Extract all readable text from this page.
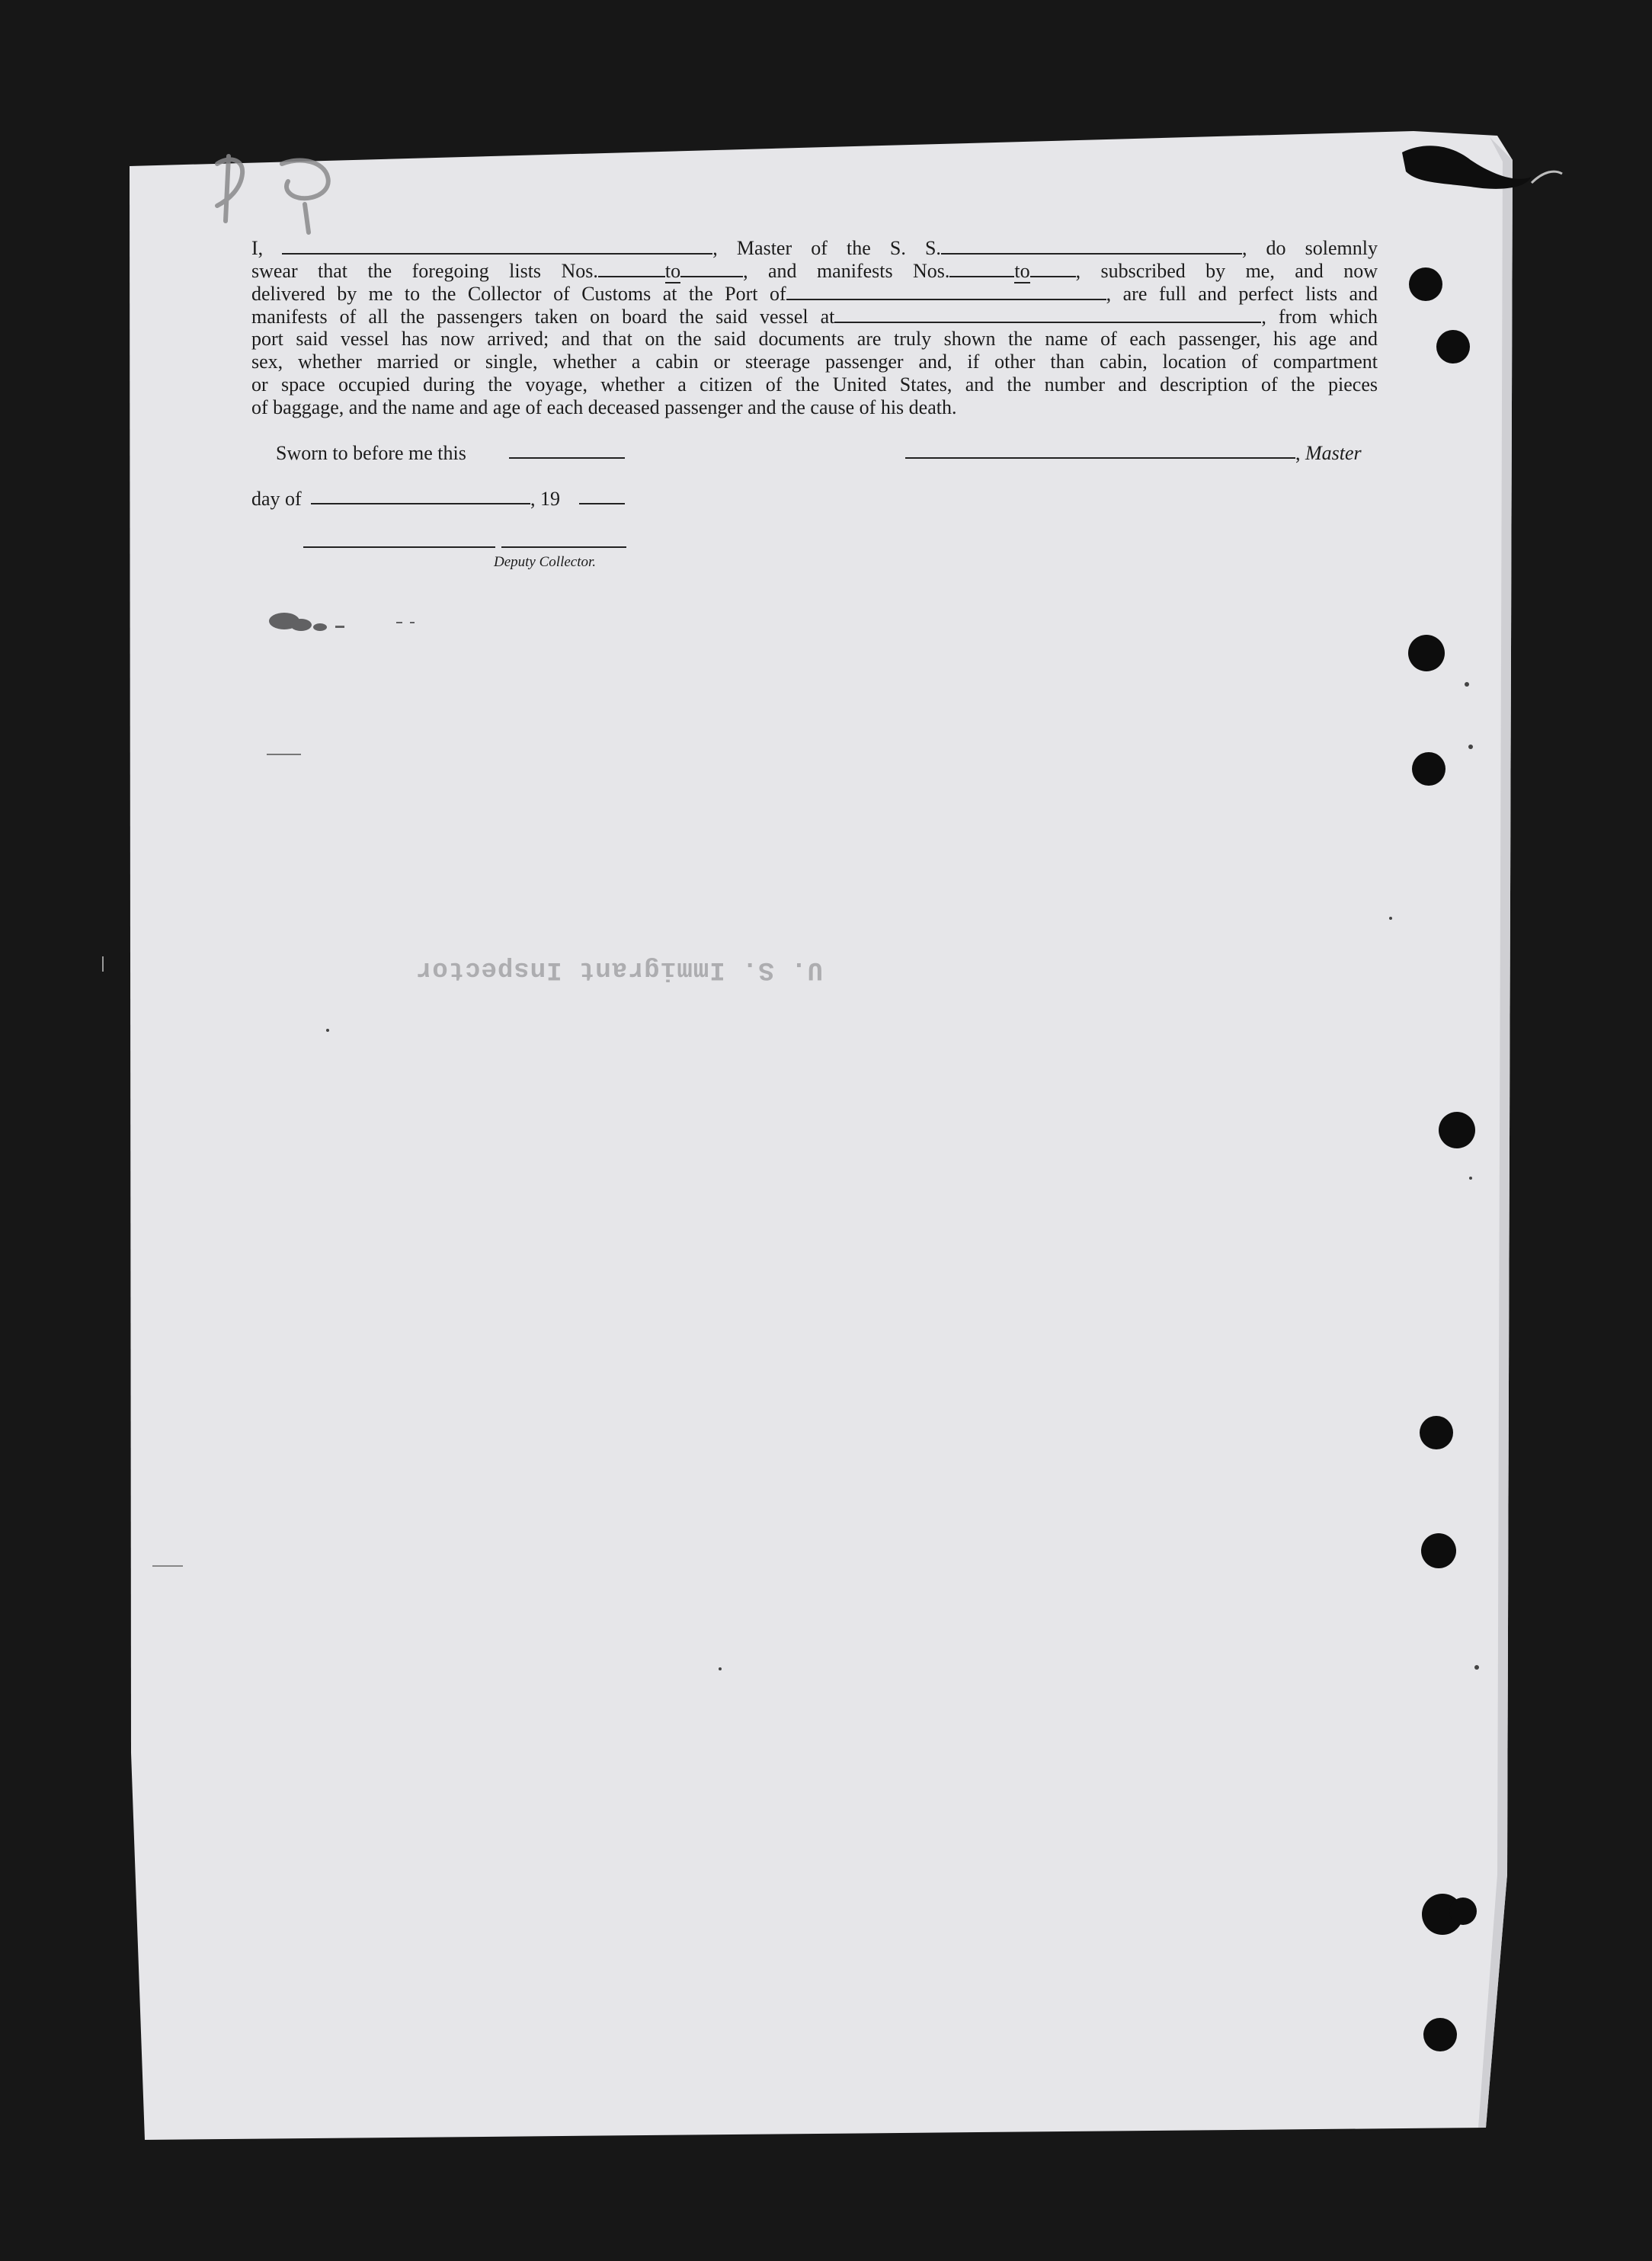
I,	, Master of the S. S.	, do solemnly
swear that the foregoing lists Nos.	to	, and manifests Nos.	to , subscribed by me, and now
delivered by me to the Collector of Customs at the Port of	, are full and perfect lists and
manifests of all the passengers taken on board the said vessel at	, from which
port said vessel has now arrived; and that on the said documents are truly shown the name of each passenger, his age and
sex, whether married or single, whether a cabin or steerage passenger and, if other than cabin, location of compartment
or space occupied during the voyage, whether a citizen of the United States, and the number and description of the pieces
of baggage, and the name and age of each deceased passenger and the cause of his death.
Sworn to before me this	, Master
day of	, 19
Deputy Collector.
U. S. Immigrant Inspector
